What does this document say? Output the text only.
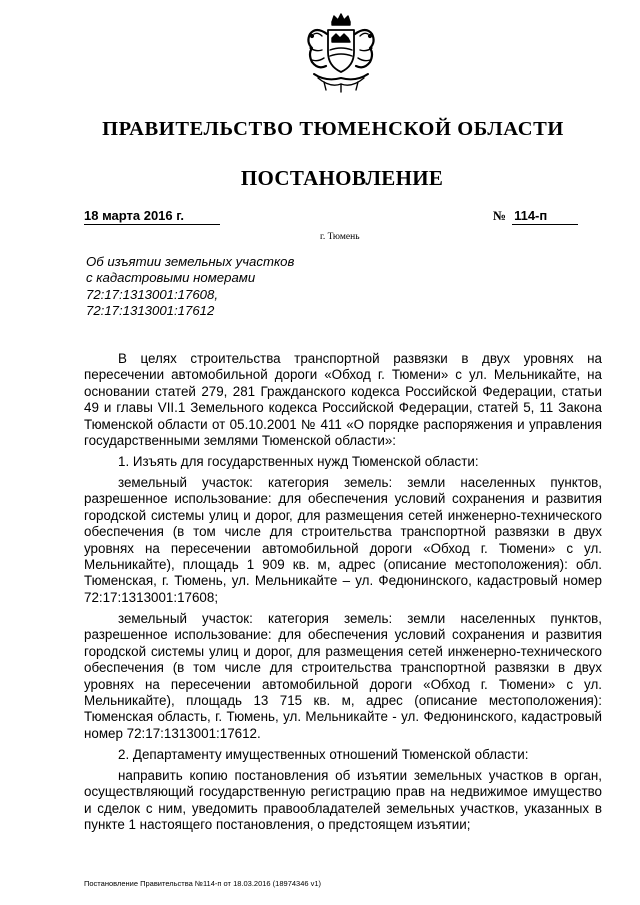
ПРАВИТЕЛЬСТВО ТЮМЕНСКОЙ ОБЛАСТИ
ПОСТАНОВЛЕНИЕ
18 марта 2016 г.
г. Тюмень
№ 114-п
Об изъятии земельных участков
с кадастровыми номерами
72:17:1313001:17608,
72:17:1313001:17612

В целях строительства транспортной развязки в двух уровнях на пересечении автомобильной дороги «Обход г. Тюмени» с ул. Мельникайте, на основании статей 279, 281 Гражданского кодекса Российской Федерации, статьи 49 и главы VII.1 Земельного кодекса Российской Федерации, статей 5, 11 Закона Тюменской области от 05.10.2001 № 411 «О порядке распоряжения и управления государственными землями Тюменской области»:

1. Изъять для государственных нужд Тюменской области:

земельный участок: категория земель: земли населенных пунктов, разрешенное использование: для обеспечения условий сохранения и развития городской системы улиц и дорог, для размещения сетей инженерно-технического обеспечения (в том числе для строительства транспортной развязки в двух уровнях на пересечении автомобильной дороги «Обход г. Тюмени» с ул. Мельникайте), площадь 1 909 кв. м, адрес (описание местоположения): обл. Тюменская, г. Тюмень, ул. Мельникайте – ул. Федюнинского, кадастровый номер 72:17:1313001:17608;

земельный участок: категория земель: земли населенных пунктов, разрешенное использование: для обеспечения условий сохранения и развития городской системы улиц и дорог, для размещения сетей инженерно-технического обеспечения (в том числе для строительства транспортной развязки в двух уровнях на пересечении автомобильной дороги «Обход г. Тюмени» с ул. Мельникайте), площадь 13 715 кв. м, адрес (описание местоположения): Тюменская область, г. Тюмень, ул. Мельникайте - ул. Федюнинского, кадастровый номер 72:17:1313001:17612.

2. Департаменту имущественных отношений Тюменской области:

направить копию постановления об изъятии земельных участков в орган, осуществляющий государственную регистрацию прав на недвижимое имущество и сделок с ним, уведомить правообладателей земельных участков, указанных в пункте 1 настоящего постановления, о предстоящем изъятии;

Постановление Правительства №114-п от 18.03.2016 (18974346 v1)
